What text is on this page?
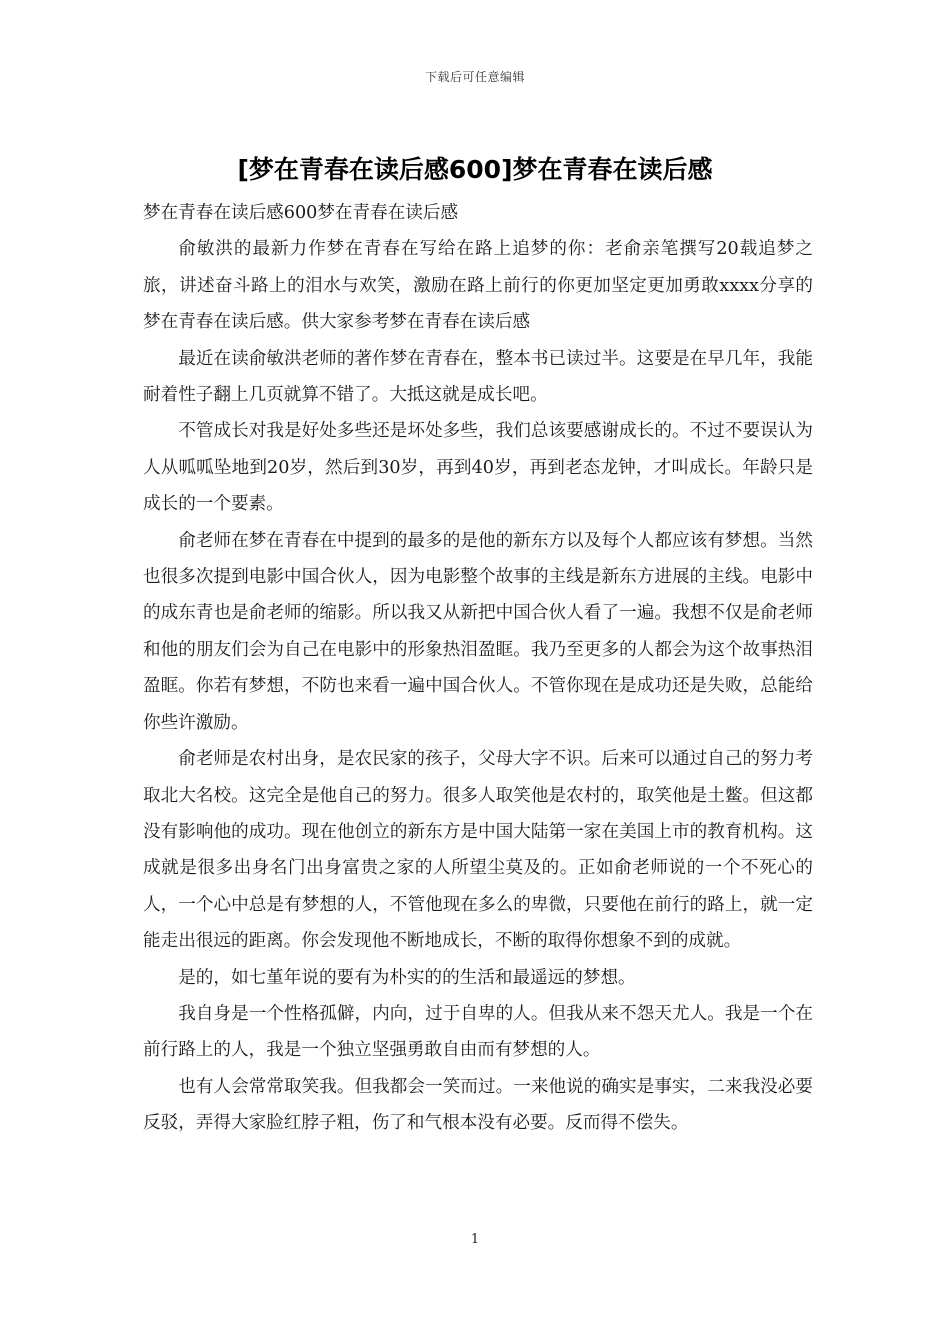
下载后可任意编辑
[梦在青春在读后感600]梦在青春在读后感

梦在青春在读后感600梦在青春在读后感

俞敏洪的最新力作梦在青春在写给在路上追梦的你：老俞亲笔撰写20载追梦之旅，讲述奋斗路上的泪水与欢笑，激励在路上前行的你更加坚定更加勇敢xxxx分享的梦在青春在读后感。供大家参考梦在青春在读后感

最近在读俞敏洪老师的著作梦在青春在，整本书已读过半。这要是在早几年，我能耐着性子翻上几页就算不错了。大抵这就是成长吧。

不管成长对我是好处多些还是坏处多些，我们总该要感谢成长的。不过不要误认为人从呱呱坠地到20岁，然后到30岁，再到40岁，再到老态龙钟，才叫成长。年龄只是成长的一个要素。

俞老师在梦在青春在中提到的最多的是他的新东方以及每个人都应该有梦想。当然也很多次提到电影中国合伙人，因为电影整个故事的主线是新东方进展的主线。电影中的成东青也是俞老师的缩影。所以我又从新把中国合伙人看了一遍。我想不仅是俞老师和他的朋友们会为自己在电影中的形象热泪盈眶。我乃至更多的人都会为这个故事热泪盈眶。你若有梦想，不防也来看一遍中国合伙人。不管你现在是成功还是失败，总能给你些许激励。

俞老师是农村出身，是农民家的孩子，父母大字不识。后来可以通过自己的努力考取北大名校。这完全是他自己的努力。很多人取笑他是农村的，取笑他是土鳖。但这都没有影响他的成功。现在他创立的新东方是中国大陆第一家在美国上市的教育机构。这成就是很多出身名门出身富贵之家的人所望尘莫及的。正如俞老师说的一个不死心的人，一个心中总是有梦想的人，不管他现在多么的卑微，只要他在前行的路上，就一定能走出很远的距离。你会发现他不断地成长，不断的取得你想象不到的成就。

是的，如七堇年说的要有为朴实的的生活和最遥远的梦想。

我自身是一个性格孤僻，内向，过于自卑的人。但我从来不怨天尤人。我是一个在前行路上的人，我是一个独立坚强勇敢自由而有梦想的人。

也有人会常常取笑我。但我都会一笑而过。一来他说的确实是事实，二来我没必要反驳，弄得大家脸红脖子粗，伤了和气根本没有必要。反而得不偿失。

1
